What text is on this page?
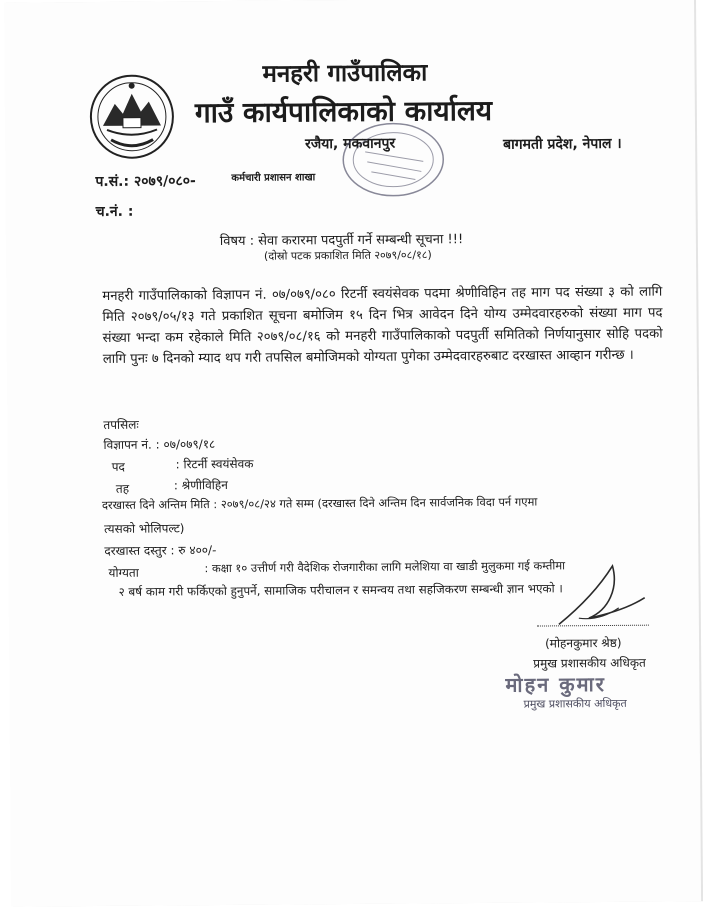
मनहरी गाउँपालिका
गाउँ कार्यपालिकाको कार्यालय
रजैया, मकवानपुर	बागमती प्रदेश, नेपाल ।
प.सं.: २०७९/०८०-	कर्मचारी प्रशासन शाखा
च.नं. :
विषय : सेवा करारमा पदपुर्ती गर्ने सम्बन्धी सूचना !!!
(दोस्रो पटक प्रकाशित मिति २०७९/०८/१८)
मनहरी गाउँपालिकाको विज्ञापन नं. ०७/०७९/०८० रिटर्नी स्वयंसेवक पदमा श्रेणीविहिन तह माग पद संख्या ३ को लागि मिति २०७९/०५/१३ गते प्रकाशित सूचना बमोजिम १५ दिन भित्र आवेदन दिने योग्य उम्मेदवारहरुको संख्या माग पद संख्या भन्दा कम रहेकाले मिति २०७९/०८/१६ को मनहरी गाउँपालिकाको पदपुर्ती समितिको निर्णयानुसार सोहि पदको लागि पुनः ७ दिनको म्याद थप गरी तपसिल बमोजिमको योग्यता पुगेका उम्मेदवारहरुबाट दरखास्त आव्हान गरीन्छ ।
तपसिलः
विज्ञापन नं. : ०७/०७९/१८
पद	: रिटर्नी स्वयंसेवक
तह	: श्रेणीविहिन
दरखास्त दिने अन्तिम मिति : २०७९/०८/२४ गते सम्म (दरखास्त दिने अन्तिम दिन सार्वजनिक विदा पर्न गएमा
त्यसको भोलिपल्ट)
दरखास्त दस्तुर : रु ४००/-
योग्यता	: कक्षा १० उत्तीर्ण गरी वैदेशिक रोजगारीका लागि मलेशिया वा खाडी मुलुकमा गई कम्तीमा
२ बर्ष काम गरी फर्किएको हुनुपर्ने, सामाजिक परीचालन र समन्वय तथा सहजिकरण सम्बन्धी ज्ञान भएको ।
(मोहनकुमार श्रेष्ठ)
प्रमुख प्रशासकीय अधिकृत
मोहन कुमार
प्रमुख प्रशासकीय अधिकृत
